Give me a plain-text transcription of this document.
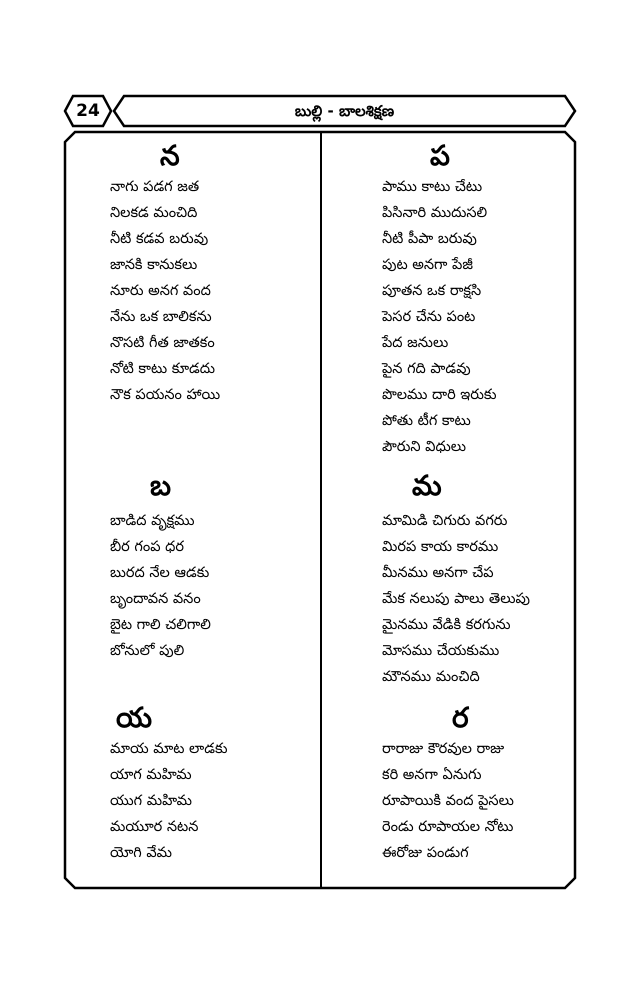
24	బుల్లి - బాలశిక్షణ
న
నాగు పడగ జత
నిలకడ మంచిది
నీటి కడవ బరువు
జానకి కానుకలు
నూరు అనగ వంద
నేను ఒక బాలికను
నొసటి గీత జాతకం
నోటి కాటు కూడదు
నౌక పయనం హాయి
బ
బాడిద వృక్షము
బీర గంప ధర
బురద నేల ఆడకు
బృందావన వనం
బైట గాలి చలిగాలి
బోనులో పులి
య
మాయ మాట లాడకు
యాగ మహిమ
యుగ మహిమ
మయూర నటన
యోగి వేమ
ప
పాము కాటు చేటు
పిసినారి ముదుసలి
నీటి పీపా బరువు
పుట అనగా పేజీ
పూతన ఒక రాక్షసి
పెసర చేను పంట
పేద జనులు
పైన గది పాడవు
పొలము దారి ఇరుకు
పోతు టీగ కాటు
పౌరుని విధులు
మ
మామిడి చిగురు వగరు
మిరప కాయ కారము
మీనము అనగా చేప
మేక నలుపు పాలు తెలుపు
మైనము వేడికి కరగును
మోసము చేయకుము
మౌనము మంచిది
ర
రారాజు కౌరవుల రాజు
కరి అనగా ఏనుగు
రూపాయికి వంద పైసలు
రెండు రూపాయల నోటు
ఈరోజు పండుగ
